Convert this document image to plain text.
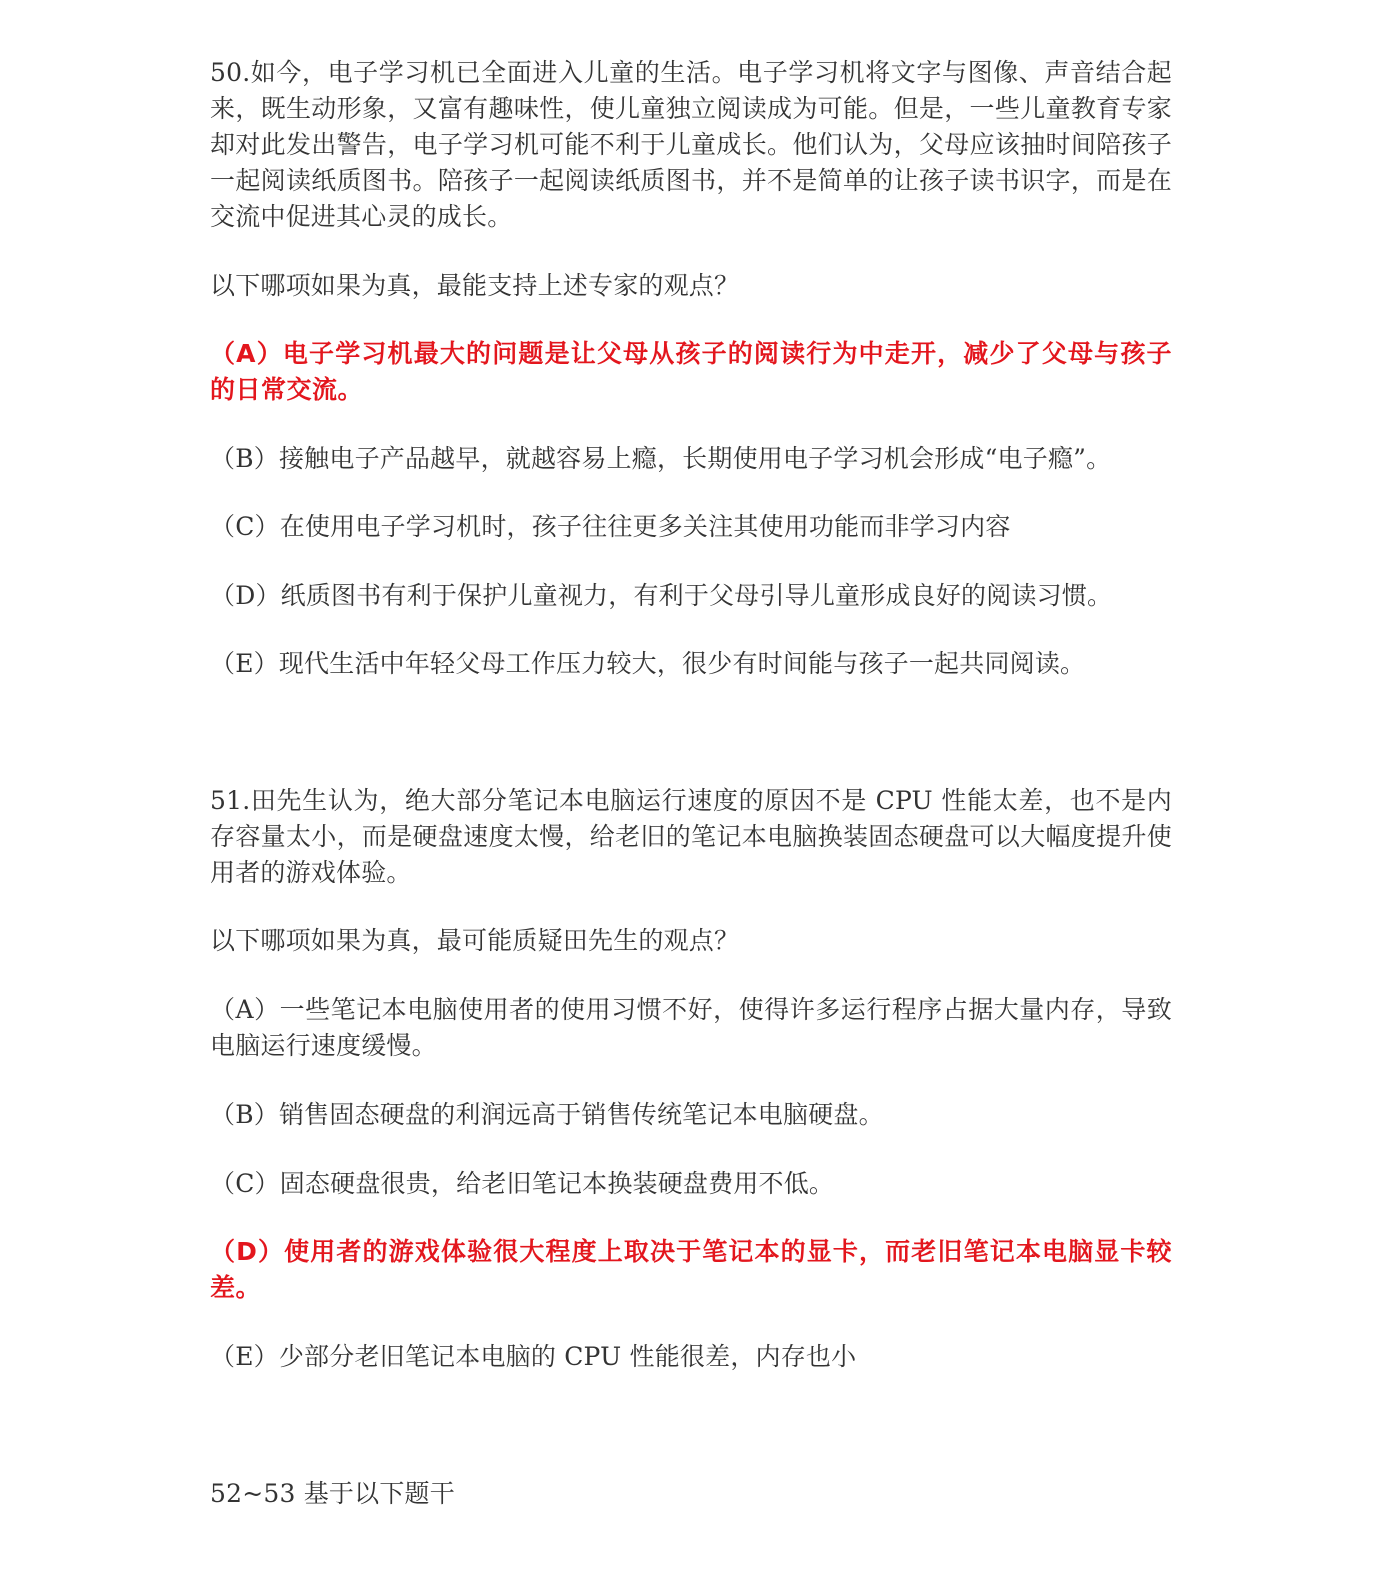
50.如今，电子学习机已全面进入儿童的生活。电子学习机将文字与图像、声音结合起来，既生动形象，又富有趣味性，使儿童独立阅读成为可能。但是，一些儿童教育专家却对此发出警告，电子学习机可能不利于儿童成长。他们认为，父母应该抽时间陪孩子一起阅读纸质图书。陪孩子一起阅读纸质图书，并不是简单的让孩子读书识字，而是在交流中促进其心灵的成长。

以下哪项如果为真，最能支持上述专家的观点？

（A）电子学习机最大的问题是让父母从孩子的阅读行为中走开，减少了父母与孩子的日常交流。

（B）接触电子产品越早，就越容易上瘾，长期使用电子学习机会形成“电子瘾”。

（C）在使用电子学习机时，孩子往往更多关注其使用功能而非学习内容

（D）纸质图书有利于保护儿童视力，有利于父母引导儿童形成良好的阅读习惯。

（E）现代生活中年轻父母工作压力较大，很少有时间能与孩子一起共同阅读。

51.田先生认为，绝大部分笔记本电脑运行速度的原因不是 CPU 性能太差，也不是内存容量太小，而是硬盘速度太慢，给老旧的笔记本电脑换装固态硬盘可以大幅度提升使用者的游戏体验。

以下哪项如果为真，最可能质疑田先生的观点？

（A）一些笔记本电脑使用者的使用习惯不好，使得许多运行程序占据大量内存，导致电脑运行速度缓慢。

（B）销售固态硬盘的利润远高于销售传统笔记本电脑硬盘。

（C）固态硬盘很贵，给老旧笔记本换装硬盘费用不低。

（D）使用者的游戏体验很大程度上取决于笔记本的显卡，而老旧笔记本电脑显卡较差。

（E）少部分老旧笔记本电脑的 CPU 性能很差，内存也小

52~53 基于以下题干
